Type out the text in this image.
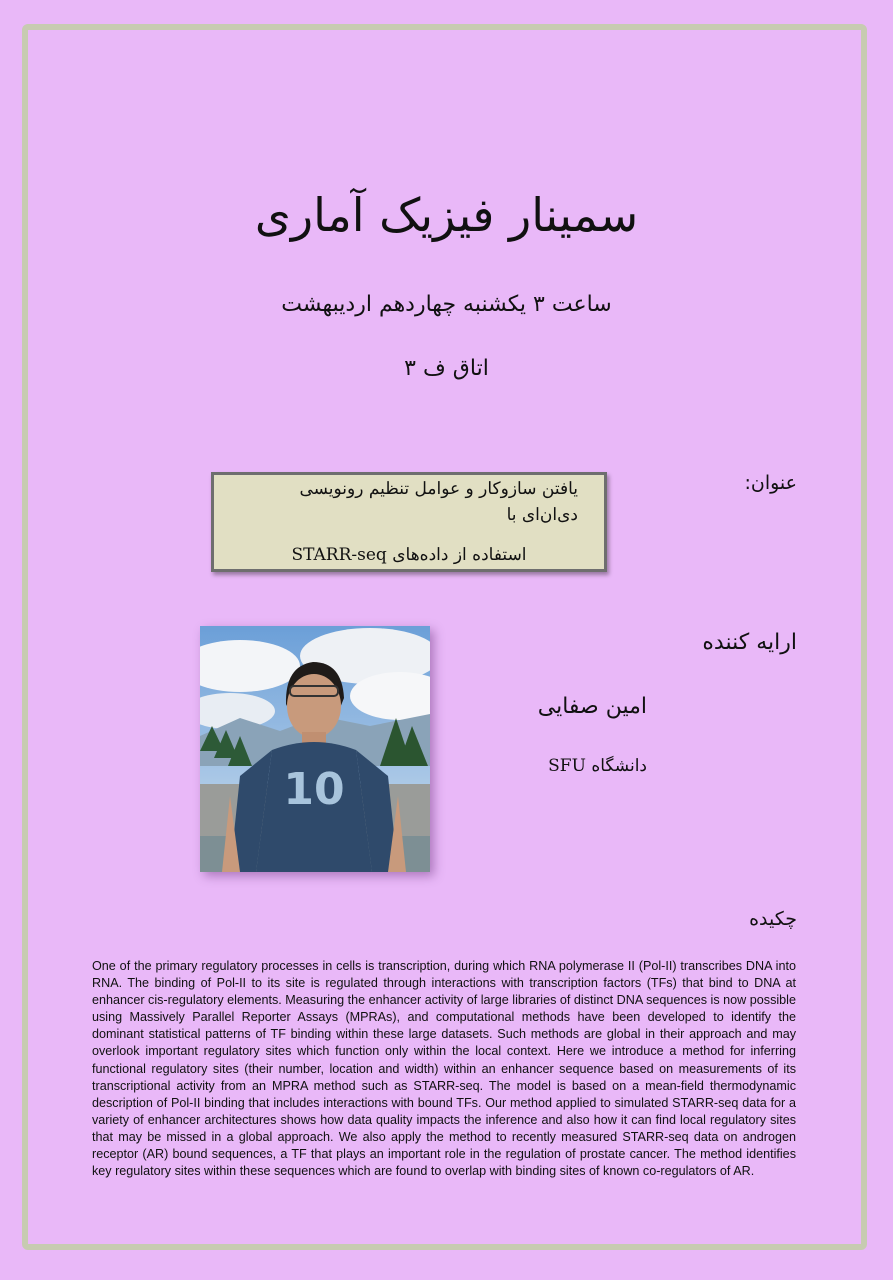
سمینار فیزیک آماری
ساعت ۳ یکشنبه چهاردهم اردیبهشت
اتاق ف ۳
عنوان:
یافتن سازوکار و عوامل تنظیم رونویسی دی‌ان‌ای با
استفاده از داده‌های STARR-seq
ارایه کننده
امین صفایی
دانشگاه SFU
10
چکیده
One of the primary regulatory processes in cells is transcription, during which RNA polymerase II (Pol-II) transcribes DNA into RNA. The binding of Pol-II to its site is regulated through interactions with transcription factors (TFs) that bind to DNA at enhancer cis-regulatory elements. Measuring the enhancer activity of large libraries of distinct DNA sequences is now possible using Massively Parallel Reporter Assays (MPRAs), and computational methods have been developed to identify the dominant statistical patterns of TF binding within these large datasets. Such methods are global in their approach and may overlook important regulatory sites which function only within the local context. Here we introduce a method for inferring functional regulatory sites (their number, location and width) within an enhancer sequence based on measurements of its transcriptional activity from an MPRA method such as STARR-seq. The model is based on a mean-field thermodynamic description of Pol-II binding that includes interactions with bound TFs. Our method applied to simulated STARR-seq data for a variety of enhancer architectures shows how data quality impacts the inference and also how it can find local regulatory sites that may be missed in a global approach. We also apply the method to recently measured STARR-seq data on androgen receptor (AR) bound sequences, a TF that plays an important role in the regulation of prostate cancer. The method identifies key regulatory sites within these sequences which are found to overlap with binding sites of known co-regulators of AR.
